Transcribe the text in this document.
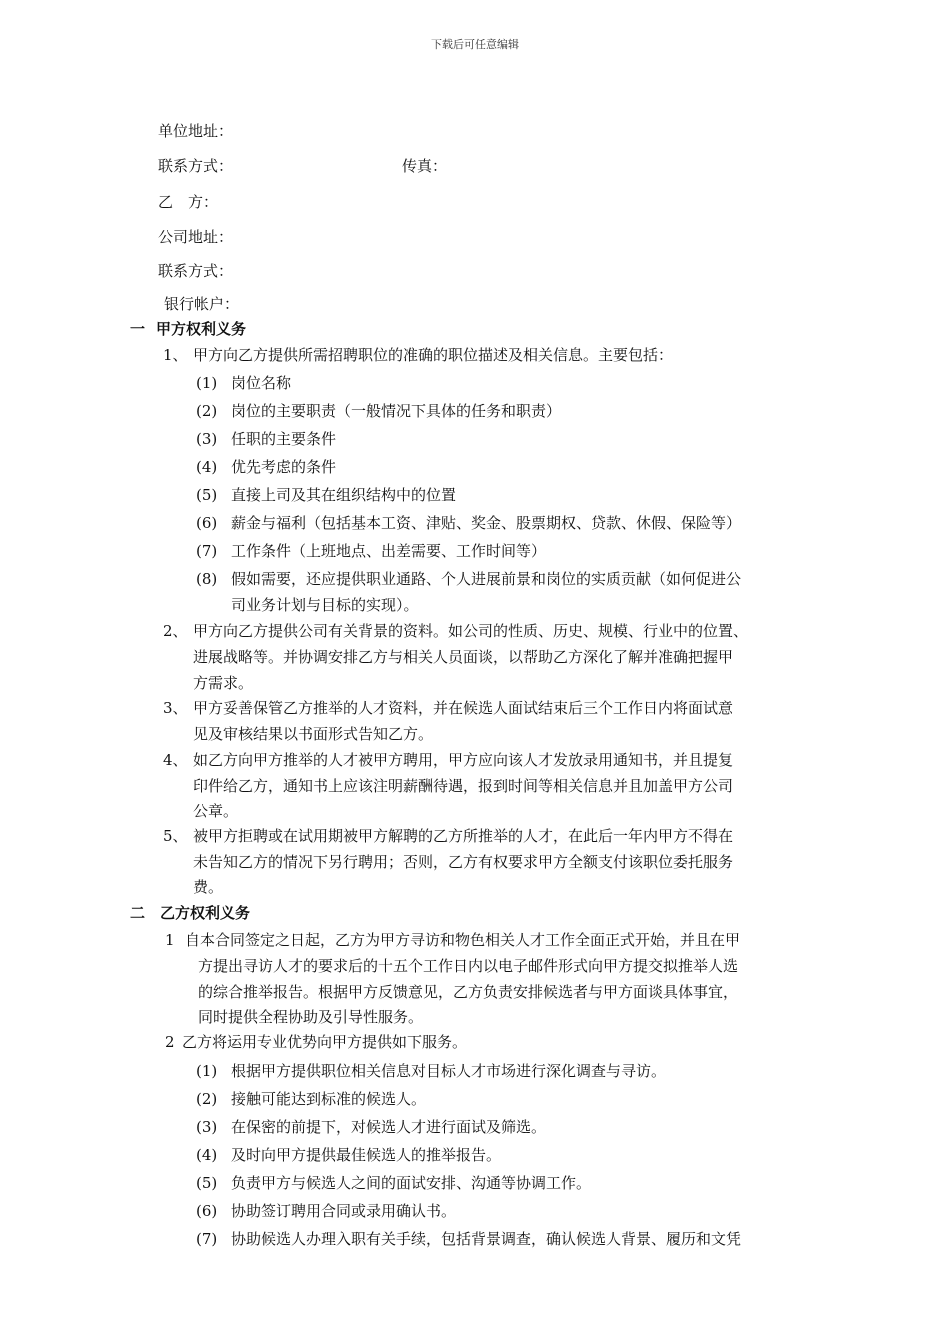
下载后可任意编辑
单位地址：
联系方式：	传真：
乙　方：
公司地址：
联系方式：
银行帐户：
一 甲方权利义务
1、 甲方向乙方提供所需招聘职位的准确的职位描述及相关信息。主要包括：
(1) 岗位名称
(2) 岗位的主要职责（一般情况下具体的任务和职责）
(3) 任职的主要条件
(4) 优先考虑的条件
(5) 直接上司及其在组织结构中的位置
(6) 薪金与福利（包括基本工资、津贴、奖金、股票期权、贷款、休假、保险等）
(7) 工作条件（上班地点、出差需要、工作时间等）
(8) 假如需要，还应提供职业通路、个人进展前景和岗位的实质贡献（如何促进公
司业务计划与目标的实现）。
2、 甲方向乙方提供公司有关背景的资料。如公司的性质、历史、规模、行业中的位置、
进展战略等。并协调安排乙方与相关人员面谈，以帮助乙方深化了解并准确把握甲
方需求。
3、 甲方妥善保管乙方推举的人才资料，并在候选人面试结束后三个工作日内将面试意
见及审核结果以书面形式告知乙方。
4、 如乙方向甲方推举的人才被甲方聘用，甲方应向该人才发放录用通知书，并且提复
印件给乙方，通知书上应该注明薪酬待遇，报到时间等相关信息并且加盖甲方公司
公章。
5、 被甲方拒聘或在试用期被甲方解聘的乙方所推举的人才，在此后一年内甲方不得在
未告知乙方的情况下另行聘用；否则，乙方有权要求甲方全额支付该职位委托服务
费。
二 乙方权利义务
1 自本合同签定之日起，乙方为甲方寻访和物色相关人才工作全面正式开始，并且在甲
方提出寻访人才的要求后的十五个工作日内以电子邮件形式向甲方提交拟推举人选
的综合推举报告。根据甲方反馈意见，乙方负责安排候选者与甲方面谈具体事宜，
同时提供全程协助及引导性服务。
2 乙方将运用专业优势向甲方提供如下服务。
(1) 根据甲方提供职位相关信息对目标人才市场进行深化调查与寻访。
(2) 接触可能达到标准的候选人。
(3) 在保密的前提下，对候选人才进行面试及筛选。
(4) 及时向甲方提供最佳候选人的推举报告。
(5) 负责甲方与候选人之间的面试安排、沟通等协调工作。
(6) 协助签订聘用合同或录用确认书。
(7) 协助候选人办理入职有关手续，包括背景调查，确认候选人背景、履历和文凭
